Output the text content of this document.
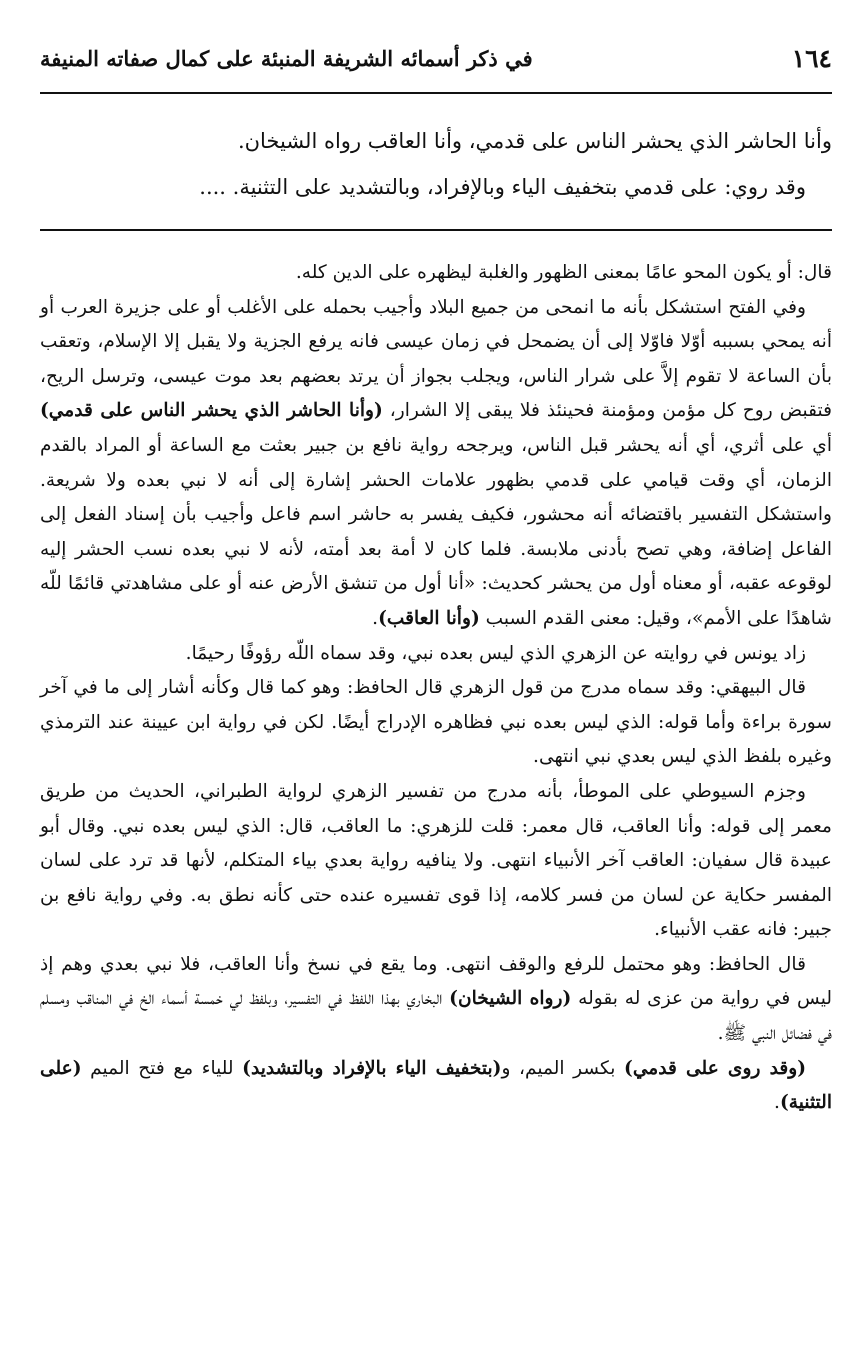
١٦٤
في ذكر أسمائه الشريفة المنبئة على كمال صفاته المنيفة

وأنا الحاشر الذي يحشر الناس على قدمي، وأنا العاقب رواه الشيخان.

وقد روي: على قدمي بتخفيف الياء وبالإفراد، وبالتشديد على التثنية. ....

قال: أو يكون المحو عامًا بمعنى الظهور والغلبة ليظهره على الدين كله.

وفي الفتح استشكل بأنه ما انمحى من جميع البلاد وأجيب بحمله على الأغلب أو على جزيرة العرب أو أنه يمحي بسببه أوّلا فاوّلا إلى أن يضمحل في زمان عيسى فانه يرفع الجزية ولا يقبل إلا الإسلام، وتعقب بأن الساعة لا تقوم إلاَّ على شرار الناس، ويجلب بجواز أن يرتد بعضهم بعد موت عيسى، وترسل الريح، فتقبض روح كل مؤمن ومؤمنة فحينئذ فلا يبقى إلا الشرار، (وأنا الحاشر الذي يحشر الناس على قدمي) أي على أثري، أي أنه يحشر قبل الناس، ويرجحه رواية نافع بن جبير بعثت مع الساعة أو المراد بالقدم الزمان، أي وقت قيامي على قدمي بظهور علامات الحشر إشارة إلى أنه لا نبي بعده ولا شريعة. واستشكل التفسير باقتضائه أنه محشور، فكيف يفسر به حاشر اسم فاعل وأجيب بأن إسناد الفعل إلى الفاعل إضافة، وهي تصح بأدنى ملابسة. فلما كان لا أمة بعد أمته، لأنه لا نبي بعده نسب الحشر إليه لوقوعه عقبه، أو معناه أول من يحشر كحديث: «أنا أول من تنشق الأرض عنه أو على مشاهدتي قائمًا للّه شاهدًا على الأمم»، وقيل: معنى القدم السبب (وأنا العاقب).

زاد يونس في روايته عن الزهري الذي ليس بعده نبي، وقد سماه اللّه رؤوفًا رحيمًا.

قال البيهقي: وقد سماه مدرج من قول الزهري قال الحافظ: وهو كما قال وكأنه أشار إلى ما في آخر سورة براءة وأما قوله: الذي ليس بعده نبي فظاهره الإدراج أيضًا. لكن في رواية ابن عيينة عند الترمذي وغيره بلفظ الذي ليس بعدي نبي انتهى.

وجزم السيوطي على الموطأ، بأنه مدرج من تفسير الزهري لرواية الطبراني، الحديث من طريق معمر إلى قوله: وأنا العاقب، قال معمر: قلت للزهري: ما العاقب، قال: الذي ليس بعده نبي. وقال أبو عبيدة قال سفيان: العاقب آخر الأنبياء انتهى. ولا ينافيه رواية بعدي بياء المتكلم، لأنها قد ترد على لسان المفسر حكاية عن لسان من فسر كلامه، إذا قوى تفسيره عنده حتى كأنه نطق به. وفي رواية نافع بن جبير: فانه عقب الأنبياء.

قال الحافظ: وهو محتمل للرفع والوقف انتهى. وما يقع في نسخ وأنا العاقب، فلا نبي بعدي وهم إذ ليس في رواية من عزى له بقوله (رواه الشيخان) البخاري بهذا اللفظ في التفسير، وبلفظ لي خمسة أسماء الخ في المناقب ومسلم في فضائل النبي ﷺ.

(وقد روى على قدمي) بكسر الميم، و(بتخفيف الياء بالإفراد وبالتشديد) للياء مع فتح الميم (على التثنية).
